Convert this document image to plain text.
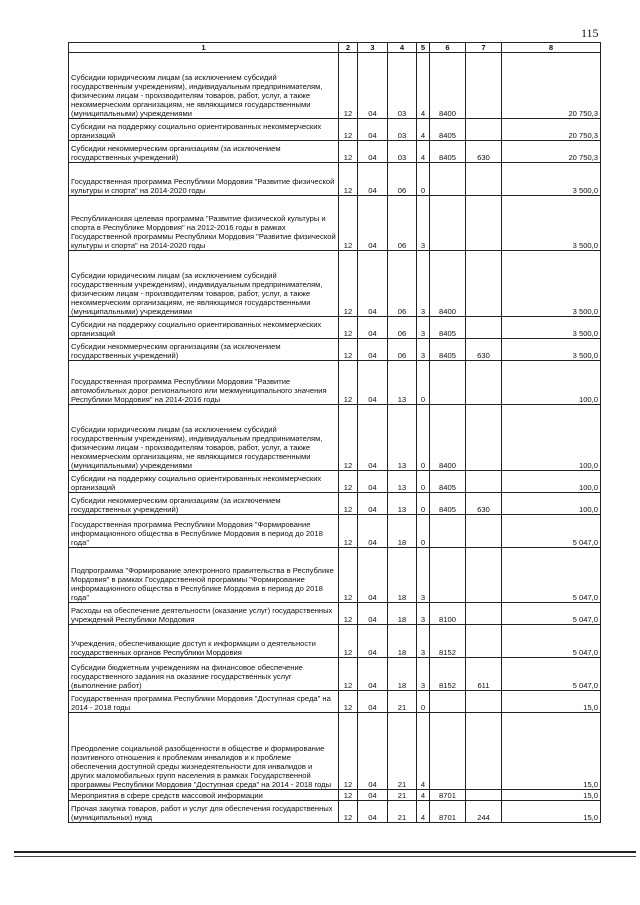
115
1	2	3	4	5	6	7	8
Субсидии юридическим лицам (за исключением субсидий государственным учреждениям), индивидуальным предпринимателям, физическим лицам - производителям товаров, работ, услуг, а также некоммерческим организациям, не являющимся государственными (муниципальными) учреждениями	12	04	03	4	8400		20 750,3
Субсидии на поддержку социально ориентированных некоммерческих организаций	12	04	03	4	8405		20 750,3
Субсидии некоммерческим организациям (за исключением государственных учреждений)	12	04	03	4	8405	630	20 750,3
Государственная программа Республики Мордовия "Развитие физической культуры и спорта" на 2014-2020 годы	12	04	06	0			3 500,0
Республиканская целевая программа "Развитие физической культуры и спорта в Республике Мордовия" на 2012-2016 годы в рамках Государственной программы Республики Мордовия "Развитие физической культуры и спорта" на 2014-2020 годы	12	04	06	3			3 500,0
Субсидии юридическим лицам (за исключением субсидий государственным учреждениям), индивидуальным предпринимателям, физическим лицам - производителям товаров, работ, услуг, а также некоммерческим организациям, не являющимся государственными (муниципальными) учреждениями	12	04	06	3	8400		3 500,0
Субсидии на поддержку социально ориентированных некоммерческих организаций	12	04	06	3	8405		3 500,0
Субсидии некоммерческим организациям (за исключением государственных учреждений)	12	04	06	3	8405	630	3 500,0
Государственная программа Республики Мордовия "Развитие автомобильных дорог регионального или межмуниципального значения Республики Мордовия" на 2014-2016 годы	12	04	13	0			100,0
Субсидии юридическим лицам (за исключением субсидий государственным учреждениям), индивидуальным предпринимателям, физическим лицам - производителям товаров, работ, услуг, а также некоммерческим организациям, не являющимся государственными (муниципальными) учреждениями	12	04	13	0	8400		100,0
Субсидии на поддержку социально ориентированных некоммерческих организаций	12	04	13	0	8405		100,0
Субсидии некоммерческим организациям (за исключением государственных учреждений)	12	04	13	0	8405	630	100,0
Государственная программа Республики Мордовия "Формирование информационного общества в Республике Мордовия в период до 2018 года"	12	04	18	0			5 047,0
Подпрограмма "Формирование электронного правительства в Республике Мордовия" в рамках Государственной программы "Формирование информационного общества в Республике Мордовия в период до 2018 года"	12	04	18	3			5 047,0
Расходы на обеспечение деятельности (оказание услуг) государственных учреждений Республики Мордовия	12	04	18	3	8100		5 047,0
Учреждения, обеспечивающие доступ к информации о деятельности государственных органов Республики Мордовия	12	04	18	3	8152		5 047,0
Субсидии бюджетным учреждениям на финансовое обеспечение государственного задания на оказание государственных услуг (выполнение работ)	12	04	18	3	8152	611	5 047,0
Государственная программа Республики Мордовия "Доступная среда" на 2014 - 2018 годы	12	04	21	0			15,0
Преодоление социальной разобщенности в обществе и формирование позитивного отношения к проблемам инвалидов и к проблеме обеспечения доступной среды жизнедеятельности для инвалидов и других маломобильных групп населения в рамках Государственной программы Республики Мордовия "Доступная среда" на 2014 - 2018 годы	12	04	21	4			15,0
Мероприятия в сфере средств массовой информации	12	04	21	4	8701		15,0
Прочая закупка товаров, работ и услуг для обеспечения государственных (муниципальных) нужд	12	04	21	4	8701	244	15,0
